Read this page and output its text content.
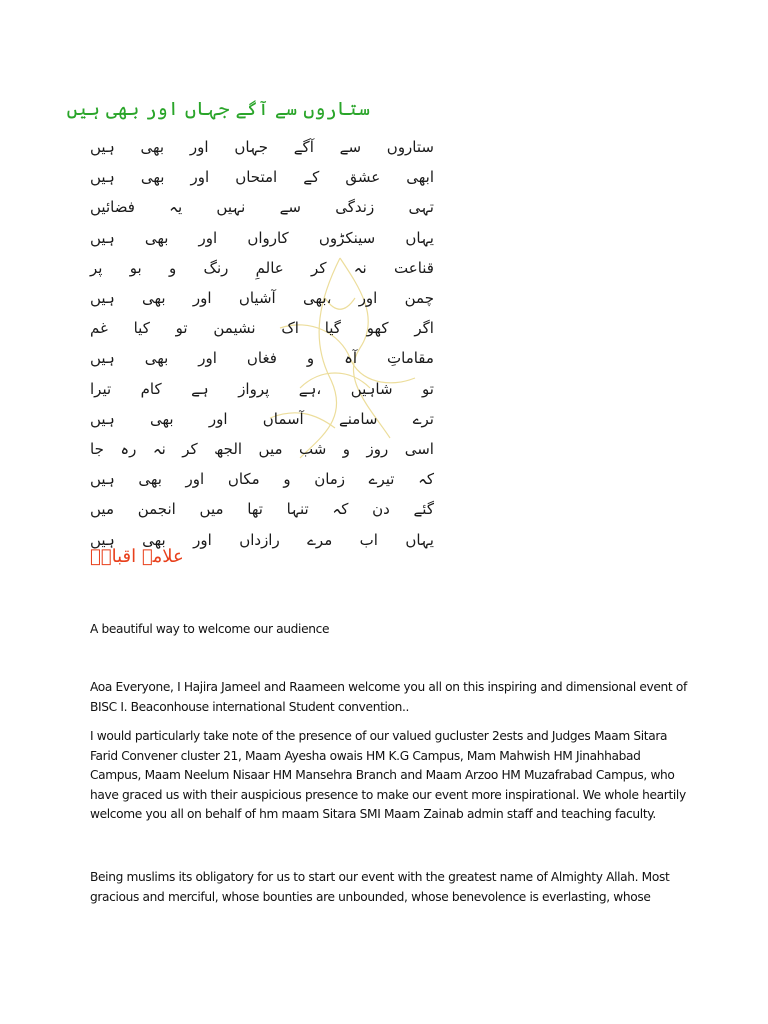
ستاروں سے آگے جہاں اور بھی ہیں
ستاروں
سے
آگے
جہاں
اور
بھی
ہیں
ابھی
عشق
کے
امتحاں
اور
بھی
ہیں
تہی
زندگی
سے
نہیں
یہ
فضائیں
یہاں
سینکڑوں
کارواں
اور
بھی
ہیں
قناعت
نہ
کر
عالمِ
رنگ
و
بو
پر
چمن
اور
بھی،
آشیاں
اور
بھی
ہیں
اگر
کھو
گیا
اک
نشیمن
تو
کیا
غم
مقاماتِ
آہ
و
فغاں
اور
بھی
ہیں
تو
شاہیں
ہے،
پرواز
ہے
کام
تیرا
ترے
سامنے
آسماں
اور
بھی
ہیں
اسی
روز
و
شب
میں
الجھ
کر
نہ
رہ
جا
کہ
تیرے
زمان
و
مکاں
اور
بھی
ہیں
گئے
دن
کہ
تنہا
تھا
میں
انجمن
میں
یہاں
اب
مرے
رازداں
اور
بھی
ہیں
علامہ اقبالؔ
A beautiful way to welcome our audience
Aoa Everyone, I Hajira Jameel and Raameen welcome you all on this inspiring and dimensional event of BISC I. Beaconhouse international Student convention..
I would particularly take note of the presence of our valued gucluster 2ests and Judges Maam Sitara Farid Convener cluster 21, Maam Ayesha owais HM K.G Campus, Mam Mahwish HM Jinahhabad Campus, Maam Neelum Nisaar HM Mansehra Branch and Maam Arzoo HM Muzafrabad Campus, who have graced us with their auspicious presence to make our event more inspirational. We whole heartily welcome you all on behalf of hm maam Sitara SMI Maam Zainab admin staff and teaching faculty.
Being muslims its obligatory for us to start our event with the greatest name of Almighty Allah. Most gracious and merciful, whose bounties are unbounded, whose benevolence is everlasting, whose
